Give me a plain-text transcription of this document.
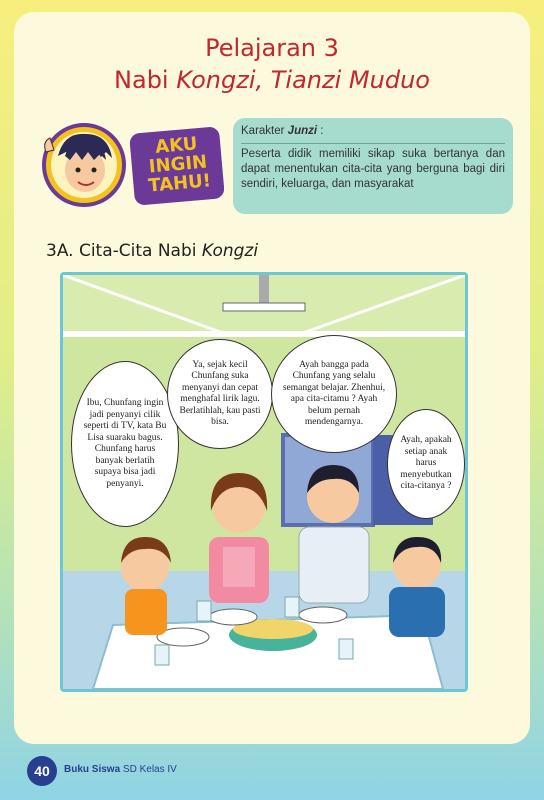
Pelajaran 3
Nabi Kongzi, Tianzi Muduo
AKU
INGIN
TAHU!
Karakter Junzi :
Peserta didik memiliki sikap suka bertanya dan dapat menentukan cita-cita yang berguna bagi diri sendiri, keluarga, dan masyarakat
3A. Cita-Cita Nabi Kongzi
Ibu, Chunfang ingin jadi penyanyi cilik seperti di TV, kata Bu Lisa suaraku bagus. Chunfang harus banyak berlatih supaya bisa jadi penyanyi.
Ya, sejak kecil Chunfang suka menyanyi dan cepat menghafal lirik lagu. Berlatihlah, kau pasti bisa.
Ayah bangga pada Chunfang yang selalu semangat belajar. Zhenhui, apa cita-citamu ? Ayah belum pernah mendengarnya.
Ayah, apakah setiap anak harus menyebutkan cita-citanya ?
40	Buku Siswa SD Kelas IV
